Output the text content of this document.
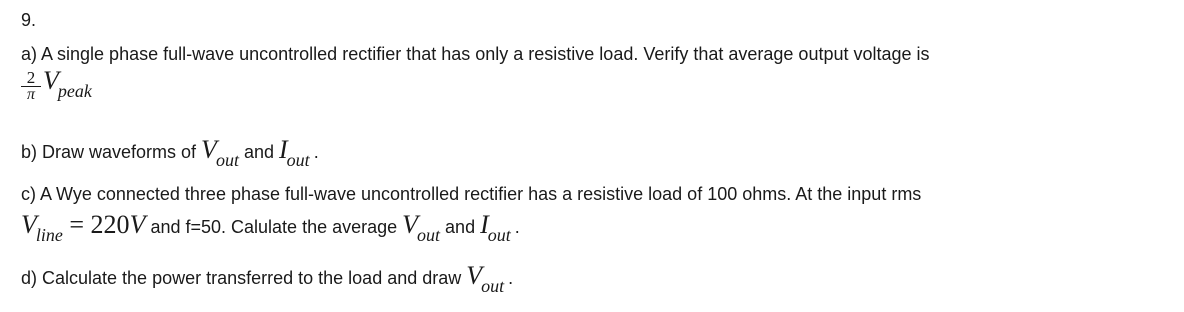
9.
a) A single phase full-wave uncontrolled rectifier that has only a resistive load. Verify that average output voltage is
$\frac{2}{\pi}$ Vpeak
b) Draw waveforms of Vout and Iout .
c) A Wye connected three phase full-wave uncontrolled rectifier has a resistive load of 100 ohms. At the input rms
Vline = 220V and f=50. Calulate the average Vout and Iout .
d) Calculate the power transferred to the load and draw Vout .
